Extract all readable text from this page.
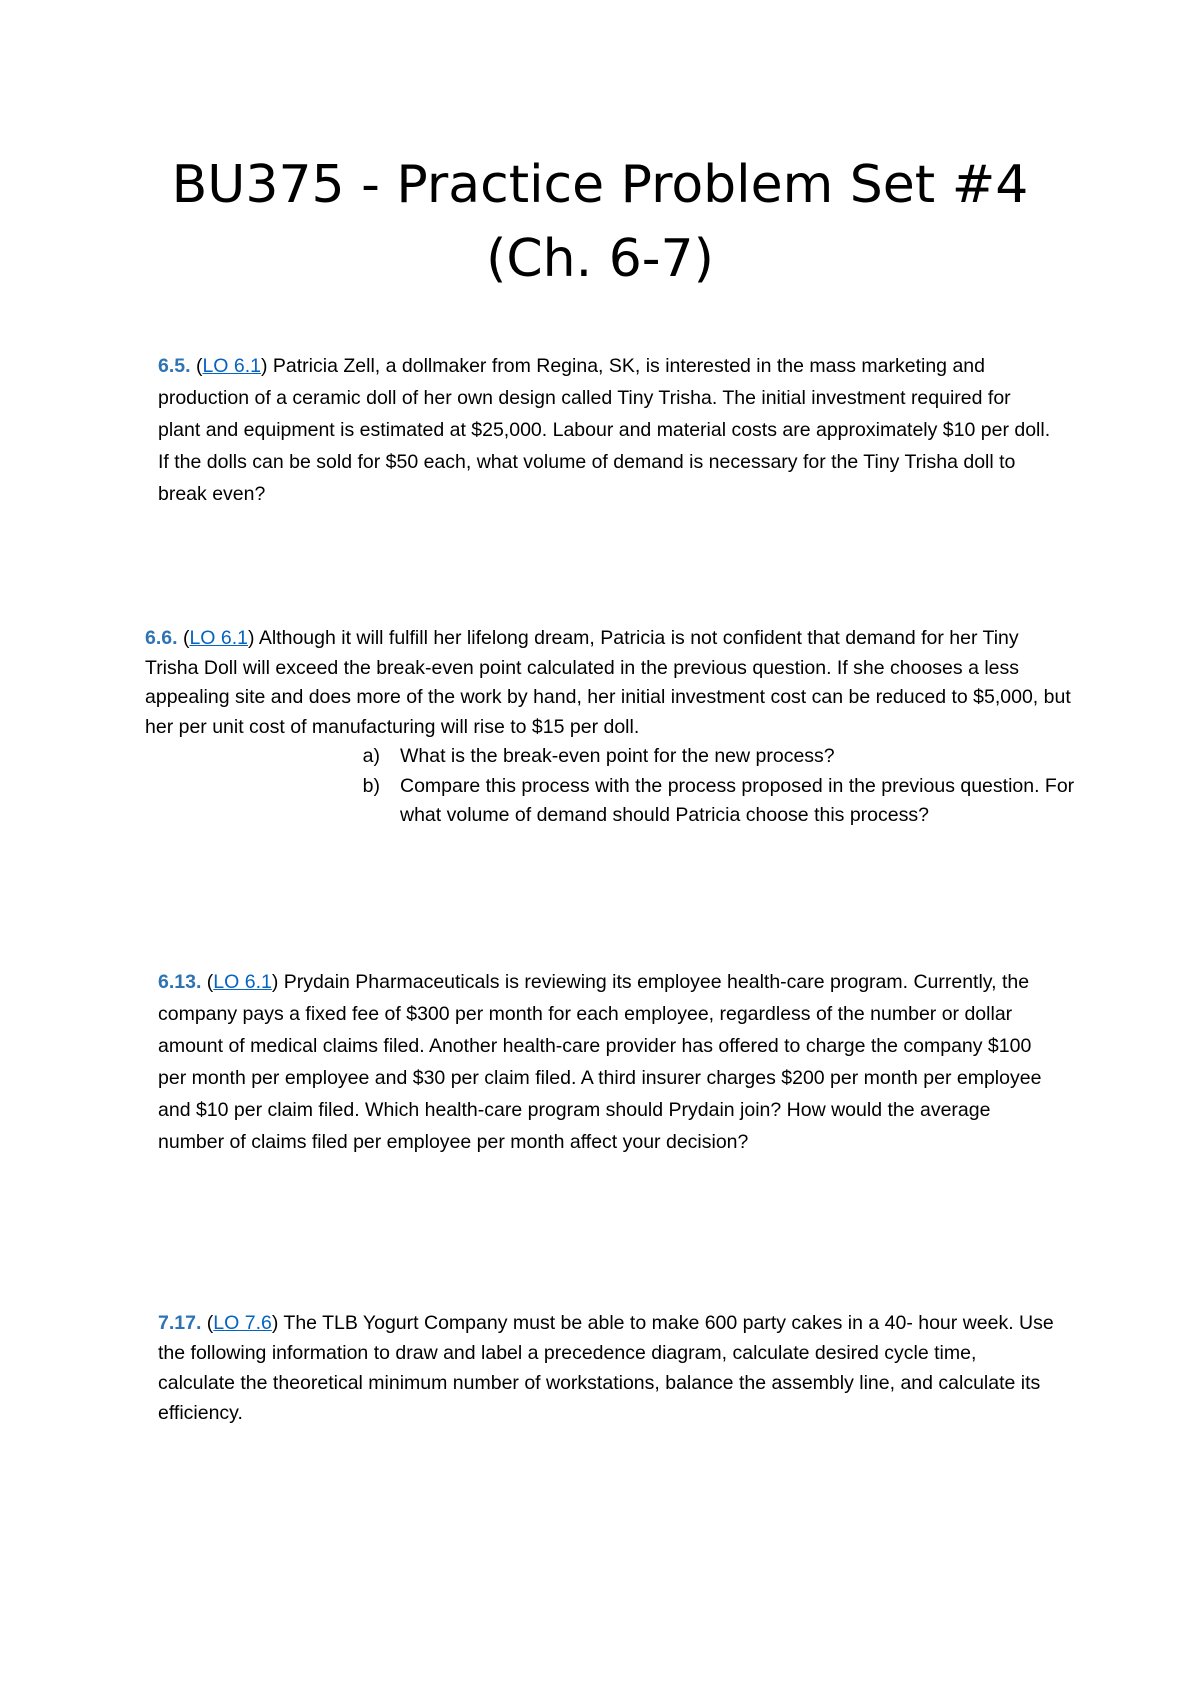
BU375 - Practice Problem Set #4
(Ch. 6-7)

6.5. (LO 6.1) Patricia Zell, a dollmaker from Regina, SK, is interested in the mass marketing and production of a ceramic doll of her own design called Tiny Trisha. The initial investment required for plant and equipment is estimated at $25,000. Labour and material costs are approximately $10 per doll. If the dolls can be sold for $50 each, what volume of demand is necessary for the Tiny Trisha doll to break even?

6.6. (LO 6.1) Although it will fulfill her lifelong dream, Patricia is not confident that demand for her Tiny Trisha Doll will exceed the break-even point calculated in the previous question. If she chooses a less appealing site and does more of the work by hand, her initial investment cost can be reduced to $5,000, but her per unit cost of manufacturing will rise to $15 per doll.

a)	What is the break-even point for the new process?
b)	Compare this process with the process proposed in the previous question. For what volume of demand should Patricia choose this process?

6.13. (LO 6.1) Prydain Pharmaceuticals is reviewing its employee health-care program. Currently, the company pays a fixed fee of $300 per month for each employee, regardless of the number or dollar amount of medical claims filed. Another health-care provider has offered to charge the company $100 per month per employee and $30 per claim filed. A third insurer charges $200 per month per employee and $10 per claim filed. Which health-care program should Prydain join? How would the average number of claims filed per employee per month affect your decision?

7.17. (LO 7.6) The TLB Yogurt Company must be able to make 600 party cakes in a 40- hour week. Use the following information to draw and label a precedence diagram, calculate desired cycle time, calculate the theoretical minimum number of workstations, balance the assembly line, and calculate its efficiency.
